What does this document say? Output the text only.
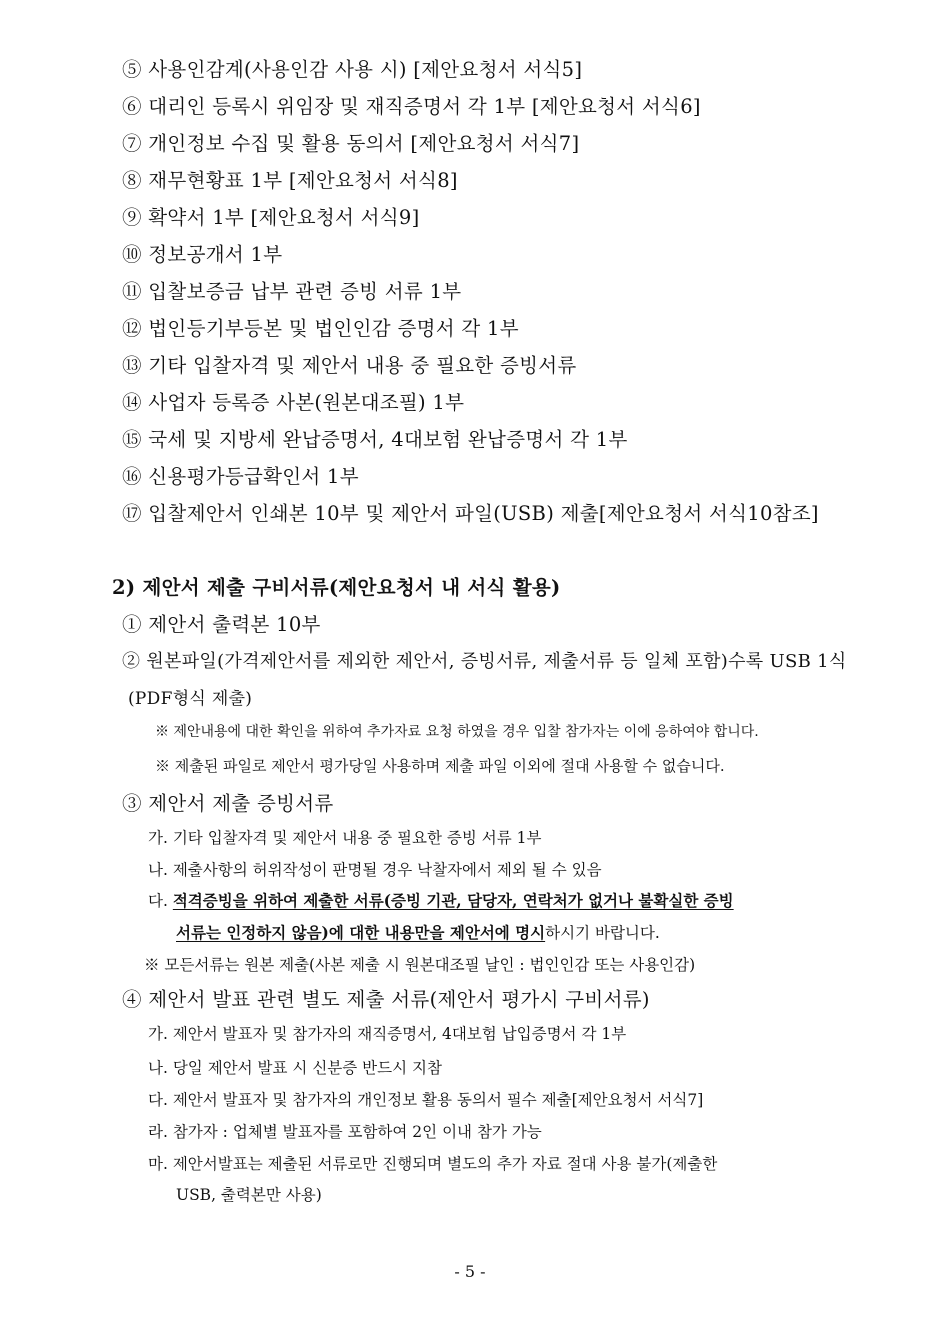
⑤ 사용인감계(사용인감 사용 시) [제안요청서 서식5]
⑥ 대리인 등록시 위임장 및 재직증명서 각 1부 [제안요청서 서식6]
⑦ 개인정보 수집 및 활용 동의서 [제안요청서 서식7]
⑧ 재무현황표 1부 [제안요청서 서식8]
⑨ 확약서 1부 [제안요청서 서식9]
⑩ 정보공개서 1부
⑪ 입찰보증금 납부 관련 증빙 서류 1부
⑫ 법인등기부등본 및 법인인감 증명서 각 1부
⑬ 기타 입찰자격 및 제안서 내용 중 필요한 증빙서류
⑭ 사업자 등록증 사본(원본대조필) 1부
⑮ 국세 및 지방세 완납증명서, 4대보험 완납증명서 각 1부
⑯ 신용평가등급확인서 1부
⑰ 입찰제안서 인쇄본 10부 및 제안서 파일(USB) 제출[제안요청서 서식10참조]
2) 제안서 제출 구비서류(제안요청서 내 서식 활용)
① 제안서 출력본 10부
② 원본파일(가격제안서를 제외한 제안서, 증빙서류, 제출서류 등 일체 포함)수록 USB 1식
(PDF형식 제출)
※ 제안내용에 대한 확인을 위하여 추가자료 요청 하였을 경우 입찰 참가자는 이에 응하여야 합니다.
※ 제출된 파일로 제안서 평가당일 사용하며 제출 파일 이외에 절대 사용할 수 없습니다.
③ 제안서 제출 증빙서류
가. 기타 입찰자격 및 제안서 내용 중 필요한 증빙 서류 1부
나. 제출사항의 허위작성이 판명될 경우 낙찰자에서 제외 될 수 있음
다. 적격증빙을 위하여 제출한 서류(증빙 기관, 담당자, 연락처가 없거나 불확실한 증빙
서류는 인정하지 않음)에 대한 내용만을 제안서에 명시하시기 바랍니다.
※ 모든서류는 원본 제출(사본 제출 시 원본대조필 날인 : 법인인감 또는 사용인감)
④ 제안서 발표 관련 별도 제출 서류(제안서 평가시 구비서류)
가. 제안서 발표자 및 참가자의 재직증명서, 4대보험 납입증명서 각 1부
나. 당일 제안서 발표 시 신분증 반드시 지참
다. 제안서 발표자 및 참가자의 개인정보 활용 동의서 필수 제출[제안요청서 서식7]
라. 참가자 : 업체별 발표자를 포함하여 2인 이내 참가 가능
마. 제안서발표는 제출된 서류로만 진행되며 별도의 추가 자료 절대 사용 불가(제출한
USB, 출력본만 사용)
- 5 -
